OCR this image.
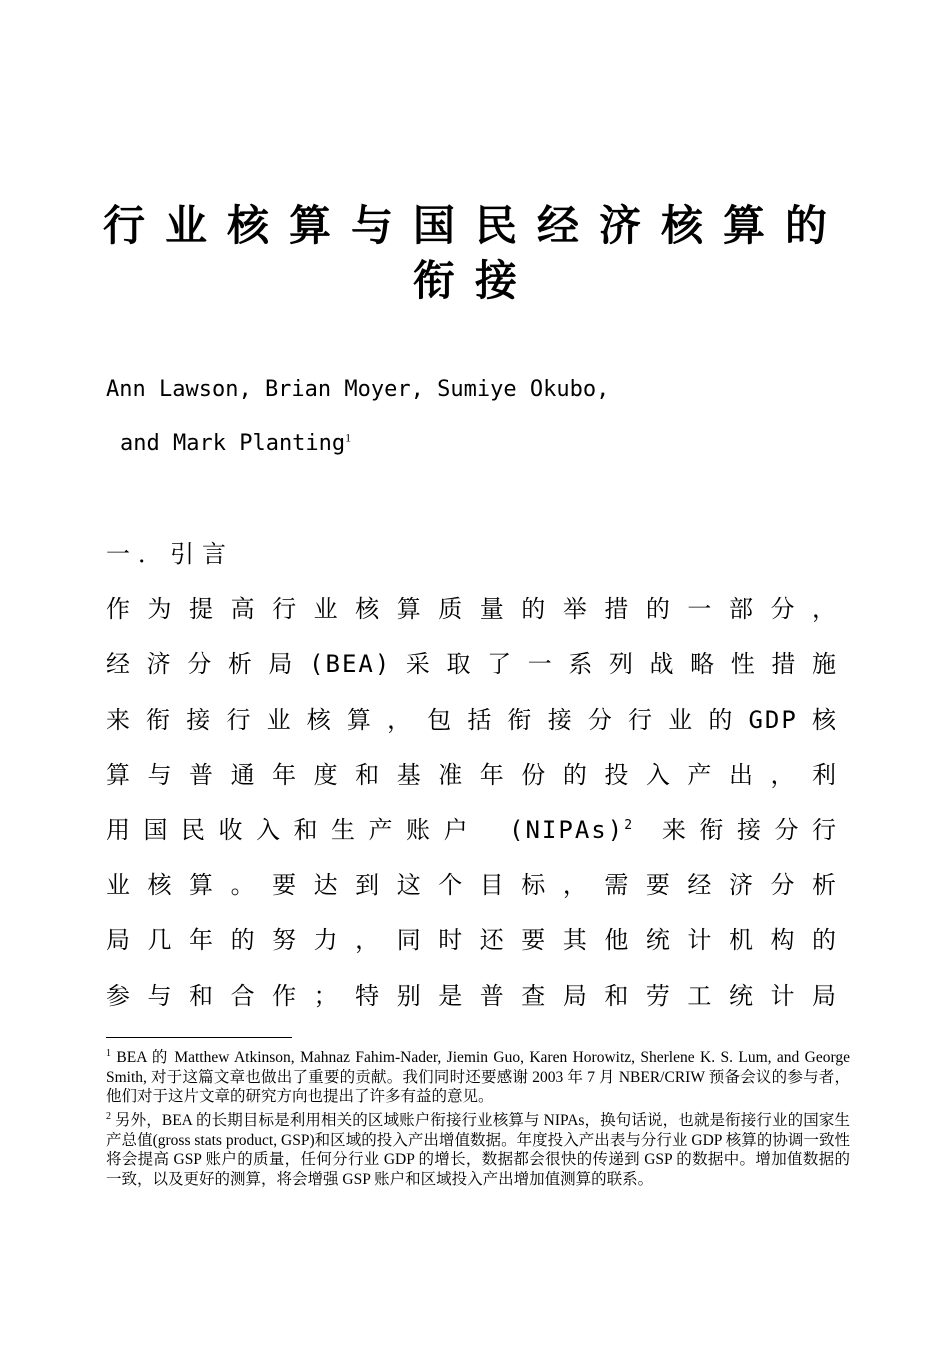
行业核算与国民经济核算的
衔接
Ann Lawson, Brian Moyer, Sumiye Okubo,
and Mark Planting$^1$
一．引言
作为提高行业核算质量的举措的一部分，
经济分析局(BEA)采取了一系列战略性措施
来衔接行业核算，包括衔接分行业的GDP核
算与普通年度和基准年份的投入产出，利
用国民收入和生产账户 (NIPAs)$^2$ 来衔接分行
业核算。要达到这个目标，需要经济分析
局几年的努力，同时还要其他统计机构的
参与和合作；特别是普查局和劳工统计局
$^1$ BEA 的 Matthew Atkinson, Mahnaz Fahim-Nader, Jiemin Guo, Karen Horowitz, Sherlene K. S. Lum, and George Smith, 对于这篇文章也做出了重要的贡献。我们同时还要感谢 2003 年 7 月 NBER/CRIW 预备会议的参与者，他们对于这片文章的研究方向也提出了许多有益的意见。
$^2$ 另外，BEA 的长期目标是利用相关的区域账户衔接行业核算与 NIPAs，换句话说，也就是衔接行业的国家生产总值(gross stats product, GSP)和区域的投入产出增值数据。年度投入产出表与分行业 GDP 核算的协调一致性将会提高 GSP 账户的质量，任何分行业 GDP 的增长，数据都会很快的传递到 GSP 的数据中。增加值数据的一致，以及更好的测算，将会增强 GSP 账户和区域投入产出增加值测算的联系。
